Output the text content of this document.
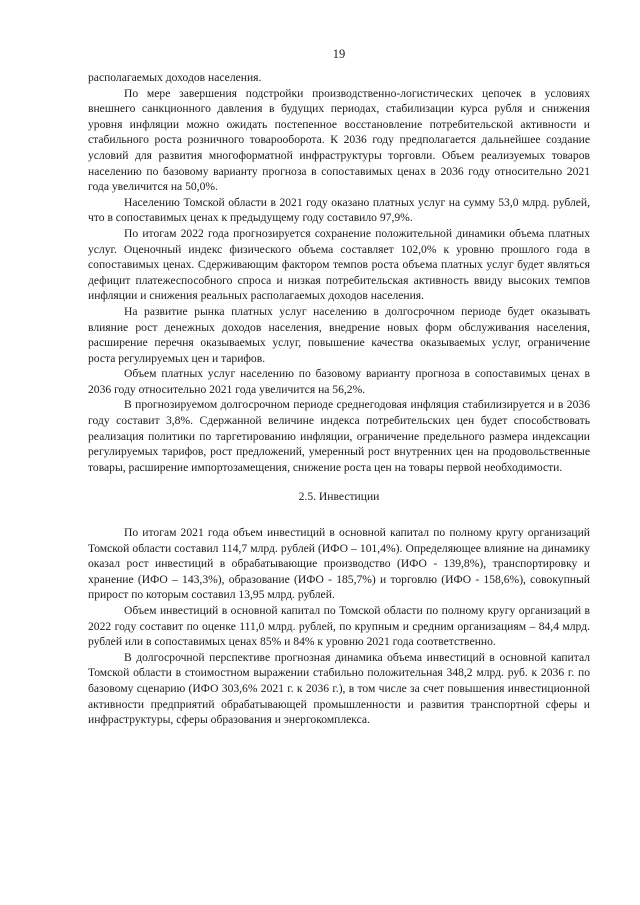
19

располагаемых доходов населения.

По мере завершения подстройки производственно-логистических цепочек в условиях внешнего санкционного давления в будущих периодах, стабилизации курса рубля и снижения уровня инфляции можно ожидать постепенное восстановление потребительской активности и стабильного роста розничного товарооборота. К 2036 году предполагается дальнейшее создание условий для развития многоформатной инфраструктуры торговли. Объем реализуемых товаров населению по базовому варианту прогноза в сопоставимых ценах в 2036 году относительно 2021 года увеличится на 50,0%.

Населению Томской области в 2021 году оказано платных услуг на сумму 53,0 млрд. рублей, что в сопоставимых ценах к предыдущему году составило 97,9%.

По итогам 2022 года прогнозируется сохранение положительной динамики объема платных услуг. Оценочный индекс физического объема составляет 102,0% к уровню прошлого года в сопоставимых ценах. Сдерживающим фактором темпов роста объема платных услуг будет являться дефицит платежеспособного спроса и низкая потребительская активность ввиду высоких темпов инфляции и снижения реальных располагаемых доходов населения.

На развитие рынка платных услуг населению в долгосрочном периоде будет оказывать влияние рост денежных доходов населения, внедрение новых форм обслуживания населения, расширение перечня оказываемых услуг, повышение качества оказываемых услуг, ограничение роста регулируемых цен и тарифов.

Объем платных услуг населению по базовому варианту прогноза в сопоставимых ценах в 2036 году относительно 2021 года увеличится на 56,2%.

В прогнозируемом долгосрочном периоде среднегодовая инфляция стабилизируется и в 2036 году составит 3,8%. Сдержанной величине индекса потребительских цен будет способствовать реализация политики по таргетированию инфляции, ограничение предельного размера индексации регулируемых тарифов, рост предложений, умеренный рост внутренних цен на продовольственные товары, расширение импортозамещения, снижение роста цен на товары первой необходимости.

2.5. Инвестиции

По итогам 2021 года объем инвестиций в основной капитал по полному кругу организаций Томской области составил 114,7 млрд. рублей (ИФО – 101,4%). Определяющее влияние на динамику оказал рост инвестиций в обрабатывающие производство (ИФО - 139,8%), транспортировку и хранение (ИФО – 143,3%), образование (ИФО - 185,7%) и торговлю (ИФО - 158,6%), совокупный прирост по которым составил 13,95 млрд. рублей.

Объем инвестиций в основной капитал по Томской области по полному кругу организаций в 2022 году составит по оценке 111,0 млрд. рублей, по крупным и средним организациям – 84,4 млрд. рублей или в сопоставимых ценах 85% и 84% к уровню 2021 года соответственно.

В долгосрочной перспективе прогнозная динамика объема инвестиций в основной капитал Томской области в стоимостном выражении стабильно положительная 348,2 млрд. руб. к 2036 г. по базовому сценарию (ИФО 303,6% 2021 г. к 2036 г.), в том числе за счет повышения инвестиционной активности предприятий обрабатывающей промышленности и развития транспортной сферы и инфраструктуры, сферы образования и энергокомплекса.
